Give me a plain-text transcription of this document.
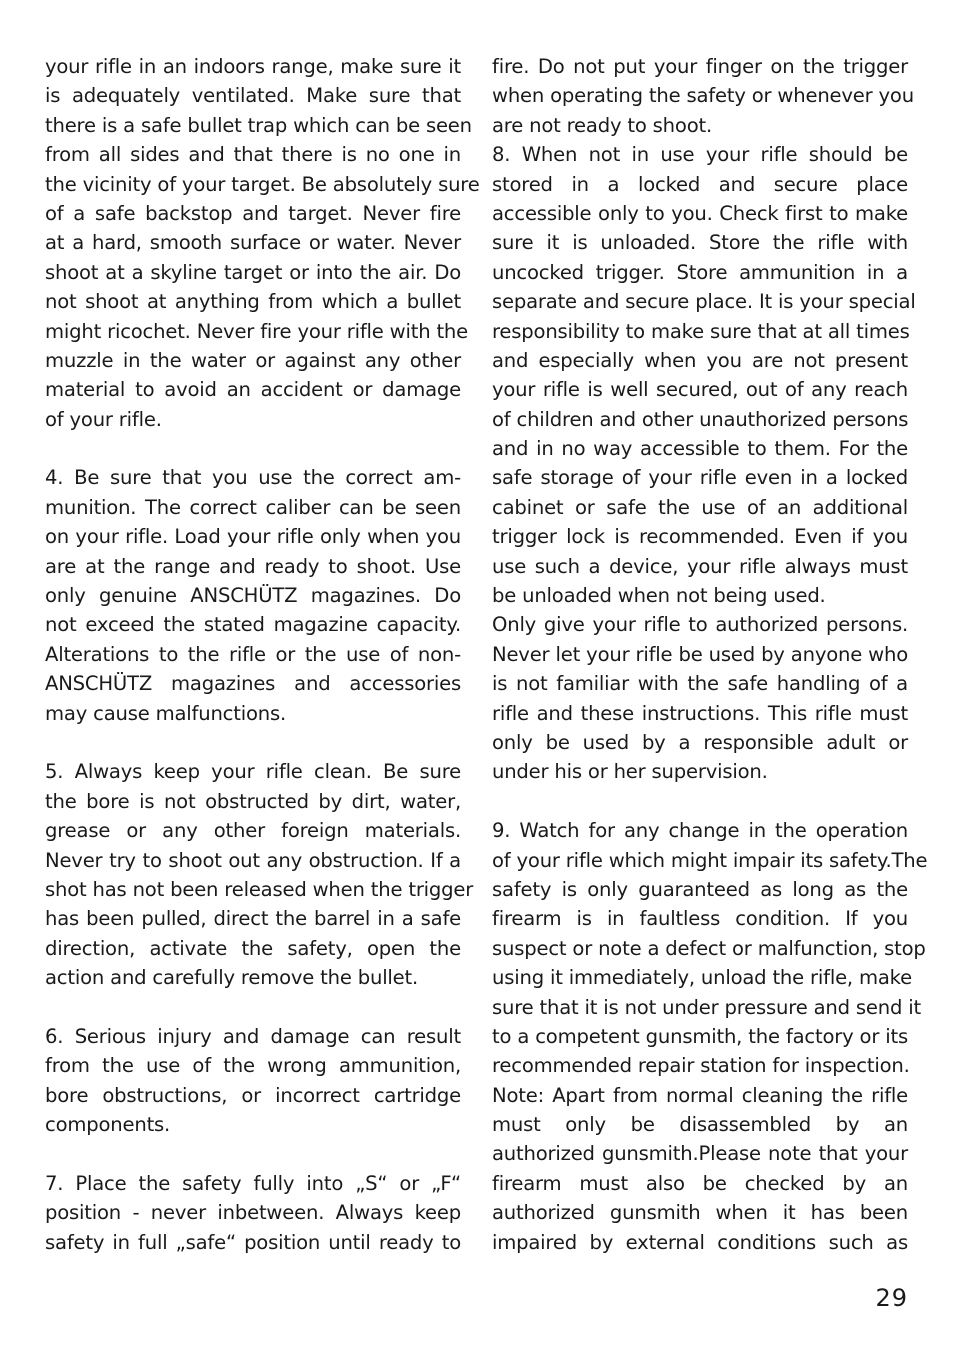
your rifle in an indoors range, make sure it
is adequately ventilated. Make sure that
there is a safe bullet trap which can be seen
from all sides and that there is no one in
the vicinity of your target. Be absolutely sure
of a safe backstop and target. Never fire
at a hard, smooth surface or water. Never
shoot at a skyline target or into the air. Do
not shoot at anything from which a bullet
might ricochet. Never fire your rifle with the
muzzle in the water or against any other
material to avoid an accident or damage
of your rifle.
4. Be sure that you use the correct am-
munition. The correct caliber can be seen
on your rifle. Load your rifle only when you
are at the range and ready to shoot. Use
only genuine ANSCHÜTZ magazines. Do
not exceed the stated magazine capacity.
Alterations to the rifle or the use of non-
ANSCHÜTZ magazines and accessories
may cause malfunctions.
5. Always keep your rifle clean. Be sure
the bore is not obstructed by dirt, water,
grease or any other foreign materials.
Never try to shoot out any obstruction. If a
shot has not been released when the trigger
has been pulled, direct the barrel in a safe
direction, activate the safety, open the
action and carefully remove the bullet.
6. Serious injury and damage can result
from the use of the wrong ammunition,
bore obstructions, or incorrect cartridge
components.
7. Place the safety fully into „S“ or „F“
position - never inbetween. Always keep
safety in full „safe“ position until ready to
fire. Do not put your finger on the trigger
when operating the safety or whenever you
are not ready to shoot.
8. When not in use your rifle should be
stored in a locked and secure place
accessible only to you. Check first to make
sure it is unloaded. Store the rifle with
uncocked trigger. Store ammunition in a
separate and secure place. It is your special
responsibility to make sure that at all times
and especially when you are not present
your rifle is well secured, out of any reach
of children and other unauthorized persons
and in no way accessible to them. For the
safe storage of your rifle even in a locked
cabinet or safe the use of an additional
trigger lock is recommended. Even if you
use such a device, your rifle always must
be unloaded when not being used.
Only give your rifle to authorized persons.
Never let your rifle be used by anyone who
is not familiar with the safe handling of a
rifle and these instructions. This rifle must
only be used by a responsible adult or
under his or her supervision.
9. Watch for any change in the operation
of your rifle which might impair its safety.The
safety is only guaranteed as long as the
firearm is in faultless condition. If you
suspect or note a defect or malfunction, stop
using it immediately, unload the rifle, make
sure that it is not under pressure and send it
to a competent gunsmith, the factory or its
recommended repair station for inspection.
Note: Apart from normal cleaning the rifle
must only be disassembled by an
authorized gunsmith.Please note that your
firearm must also be checked by an
authorized gunsmith when it has been
impaired by external conditions such as
29
